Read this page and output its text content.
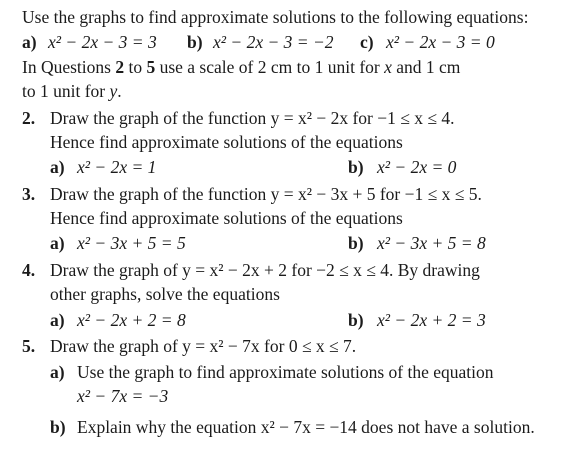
Use the graphs to find approximate solutions to the following equations:
a) x² − 2x − 3 = 3 b) x² − 2x − 3 = −2 c) x² − 2x − 3 = 0
In Questions 2 to 5 use a scale of 2 cm to 1 unit for x and 1 cm
to 1 unit for y.
2. Draw the graph of the function y = x² − 2x for −1 ≤ x ≤ 4.
Hence find approximate solutions of the equations
a) x² − 2x = 1	b) x² − 2x = 0
3. Draw the graph of the function y = x² − 3x + 5 for −1 ≤ x ≤ 5.
Hence find approximate solutions of the equations
a) x² − 3x + 5 = 5	b) x² − 3x + 5 = 8
4. Draw the graph of y = x² − 2x + 2 for −2 ≤ x ≤ 4. By drawing
other graphs, solve the equations
a) x² − 2x + 2 = 8	b) x² − 2x + 2 = 3
5. Draw the graph of y = x² − 7x for 0 ≤ x ≤ 7.
a) Use the graph to find approximate solutions of the equation
x² − 7x = −3
b) Explain why the equation x² − 7x = −14 does not have a solution.
